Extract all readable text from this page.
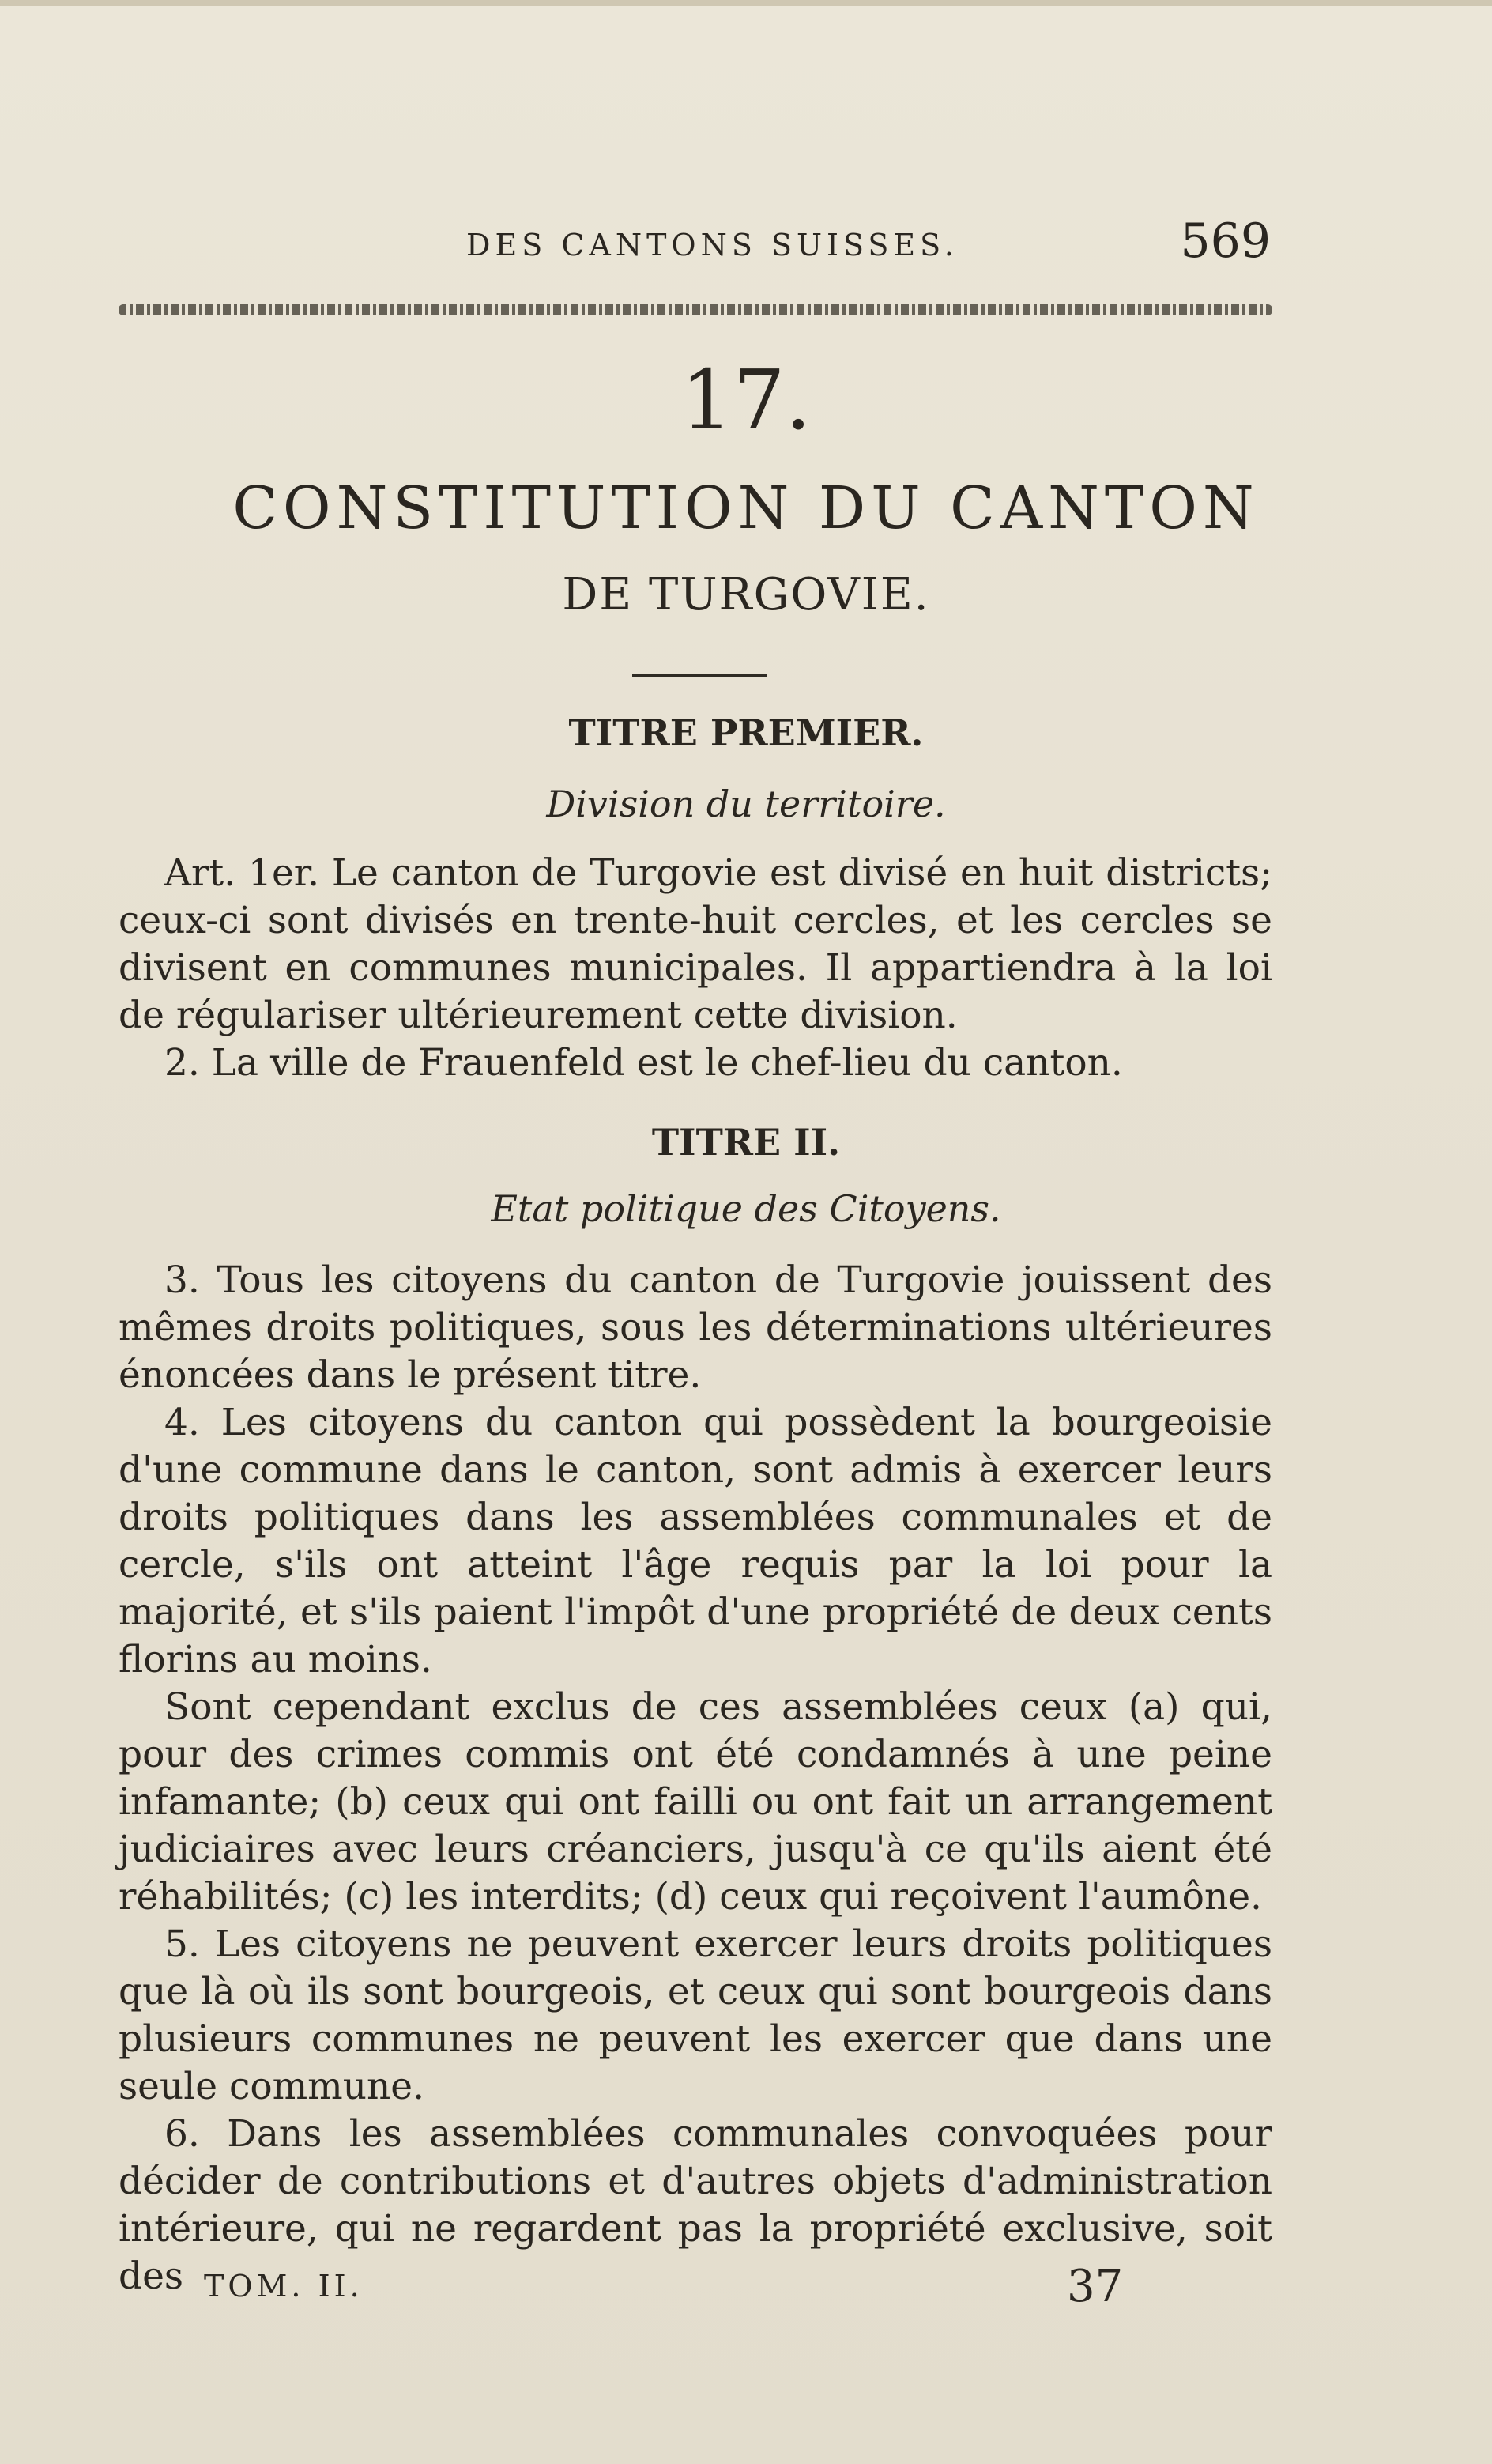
DES CANTONS SUISSES.	569
17.
CONSTITUTION DU CANTON
DE TURGOVIE.
TITRE PREMIER.
Division du territoire.

Art. 1er. Le canton de Turgovie est divisé en huit districts; ceux-ci sont divisés en trente-huit cercles, et les cercles se divisent en communes municipales. Il appartiendra à la loi de régulariser ultérieurement cette division.

2. La ville de Frauenfeld est le chef-lieu du canton.

TITRE II.
Etat politique des Citoyens.

3. Tous les citoyens du canton de Turgovie jouissent des mêmes droits politiques, sous les déterminations ultérieures énoncées dans le présent titre.

4. Les citoyens du canton qui possèdent la bourgeoisie d'une commune dans le canton, sont admis à exercer leurs droits politiques dans les assemblées communales et de cercle, s'ils ont atteint l'âge requis par la loi pour la majorité, et s'ils paient l'impôt d'une propriété de deux cents florins au moins.

Sont cependant exclus de ces assemblées ceux (a) qui, pour des crimes commis ont été condamnés à une peine infamante; (b) ceux qui ont failli ou ont fait un arrangement judiciaires avec leurs créanciers, jusqu'à ce qu'ils aient été réhabilités; (c) les interdits; (d) ceux qui reçoivent l'aumône.

5. Les citoyens ne peuvent exercer leurs droits politiques que là où ils sont bourgeois, et ceux qui sont bourgeois dans plusieurs communes ne peuvent les exercer que dans une seule commune.

6. Dans les assemblées communales convoquées pour décider de contributions et d'autres objets d'administration intérieure, qui ne regardent pas la propriété exclusive, soit des TOM. II.	37
